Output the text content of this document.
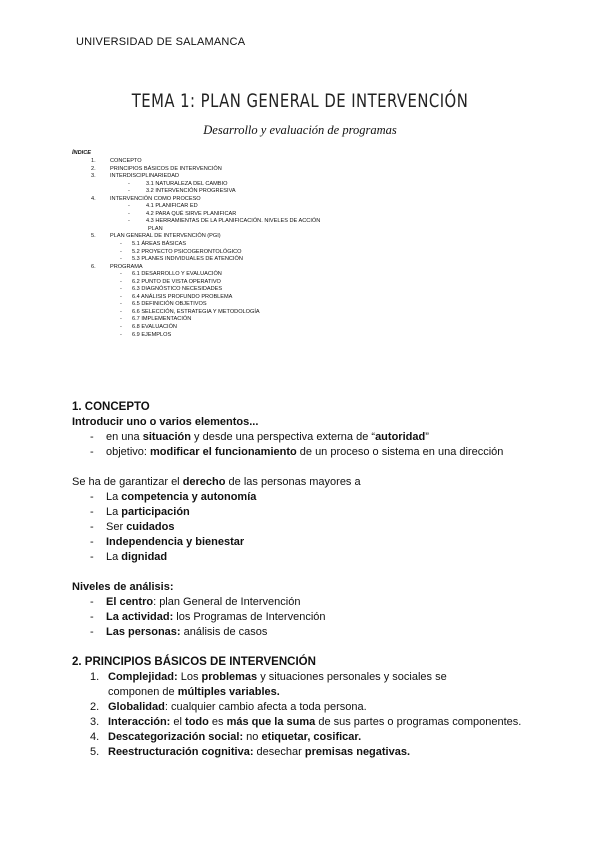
UNIVERSIDAD DE SALAMANCA
TEMA 1: PLAN GENERAL DE INTERVENCIÓN
Desarrollo y evaluación de programas
ÍNDICE
1.	CONCEPTO
2.	PRINCIPIOS BÁSICOS DE INTERVENCIÓN
3.	INTERDISCIPLINARIEDAD
-	3.1 NATURALEZA DEL CAMBIO
-	3.2 INTERVENCIÓN PROGRESIVA
4.	INTERVENCIÓN COMO PROCESO
-	4.1 PLANIFICAR ED
-	4.2 PARA QUÉ SIRVE PLANIFICAR
-	4.3 HERRAMIENTAS DE LA PLANIFICACIÓN. NIVELES DE ACCIÓN
PLAN
5.	PLAN GENERAL DE INTERVENCIÓN (PGI)
- 5.1 ÁREAS BÁSICAS
- 5.2 PROYECTO PSICOGERONTOLÓGICO
- 5.3 PLANES INDIVIDUALES DE ATENCIÓN
6.	PROGRAMA
- 6.1 DESARROLLO Y EVALUACIÓN
- 6.2 PUNTO DE VISTA OPERATIVO
- 6.3 DIAGNÓSTICO NECESIDADES
- 6.4 ANÁLISIS PROFUNDO PROBLEMA
- 6.5 DEFINICIÓN OBJETIVOS
- 6.6 SELECCIÓN, ESTRATEGIA Y METODOLOGÍA
- 6.7 IMPLEMENTACIÓN
- 6.8 EVALUACIÓN
- 6.9 EJEMPLOS
1. CONCEPTO
Introducir uno o varios elementos...
- en una situación y desde una perspectiva externa de “autoridad”
- objetivo: modificar el funcionamiento de un proceso o sistema en una dirección
Se ha de garantizar el derecho de las personas mayores a
- La competencia y autonomía
- La participación
- Ser cuidados
- Independencia y bienestar
- La dignidad
Niveles de análisis:
- El centro: plan General de Intervención
- La actividad: los Programas de Intervención
- Las personas: análisis de casos
2. PRINCIPIOS BÁSICOS DE INTERVENCIÓN
1. Complejidad: Los problemas y situaciones personales y sociales se
componen de múltiples variables.
2. Globalidad: cualquier cambio afecta a toda persona.
3. Interacción: el todo es más que la suma de sus partes o programas componentes.
4. Descategorización social: no etiquetar, cosificar.
5. Reestructuración cognitiva: desechar premisas negativas.
